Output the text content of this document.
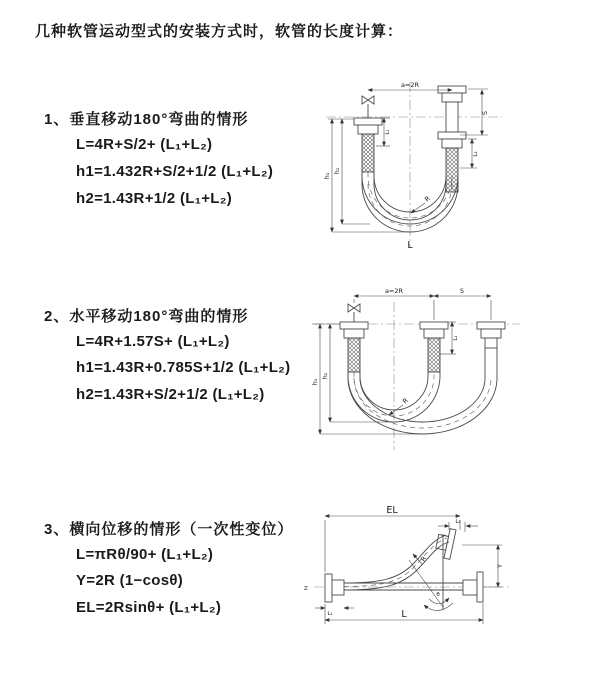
几种软管运动型式的安装方式时，软管的长度计算：
1、垂直移动180°弯曲的情形
L=4R+S/2+ (L₁+L₂)
h1=1.432R+S/2+1/2 (L₁+L₂)
h2=1.43R+1/2 (L₁+L₂)
2、水平移动180°弯曲的情形
L=4R+1.57S+ (L₁+L₂)
h1=1.43R+0.785S+1/2 (L₁+L₂)
h2=1.43R+S/2+1/2 (L₁+L₂)
3、横向位移的情形（一次性变位）
L=πRθ/90+ (L₁+L₂)
Y=2R (1−cosθ)
EL=2Rsinθ+ (L₁+L₂)
a=2R
S
L₂
L₁
h₁
h₂
R
L
a=2R	S
h₁
h₂
L₁
R
EL
L₂
Y
θ
L
L₁
R
Z
